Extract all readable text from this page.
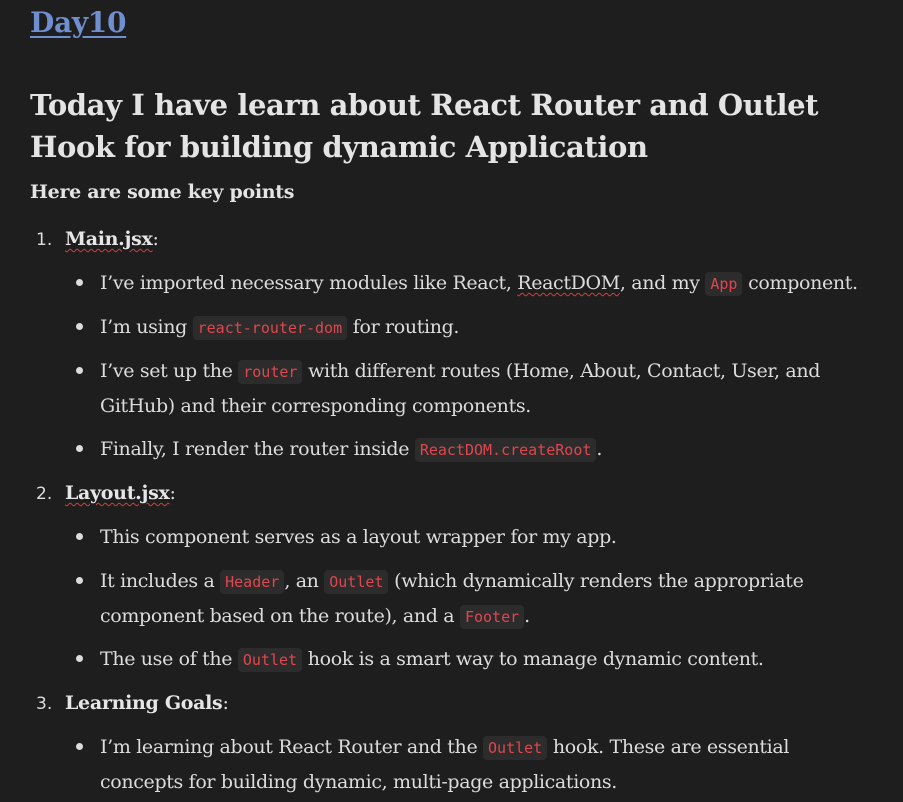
Day10
Today I have learn about React Router and Outlet Hook for building dynamic Application
Here are some key points
1. Main.jsx:
I’ve imported necessary modules like React, ReactDOM, and my App component.
I’m using react-router-dom for routing.
I’ve set up the router with different routes (Home, About, Contact, User, and GitHub) and their corresponding components.
Finally, I render the router inside ReactDOM.createRoot .
2. Layout.jsx:
This component serves as a layout wrapper for my app.
It includes a Header , an Outlet (which dynamically renders the appropriate component based on the route), and a Footer .
The use of the Outlet hook is a smart way to manage dynamic content.
3. Learning Goals:
I’m learning about React Router and the Outlet hook. These are essential concepts for building dynamic, multi-page applications.
